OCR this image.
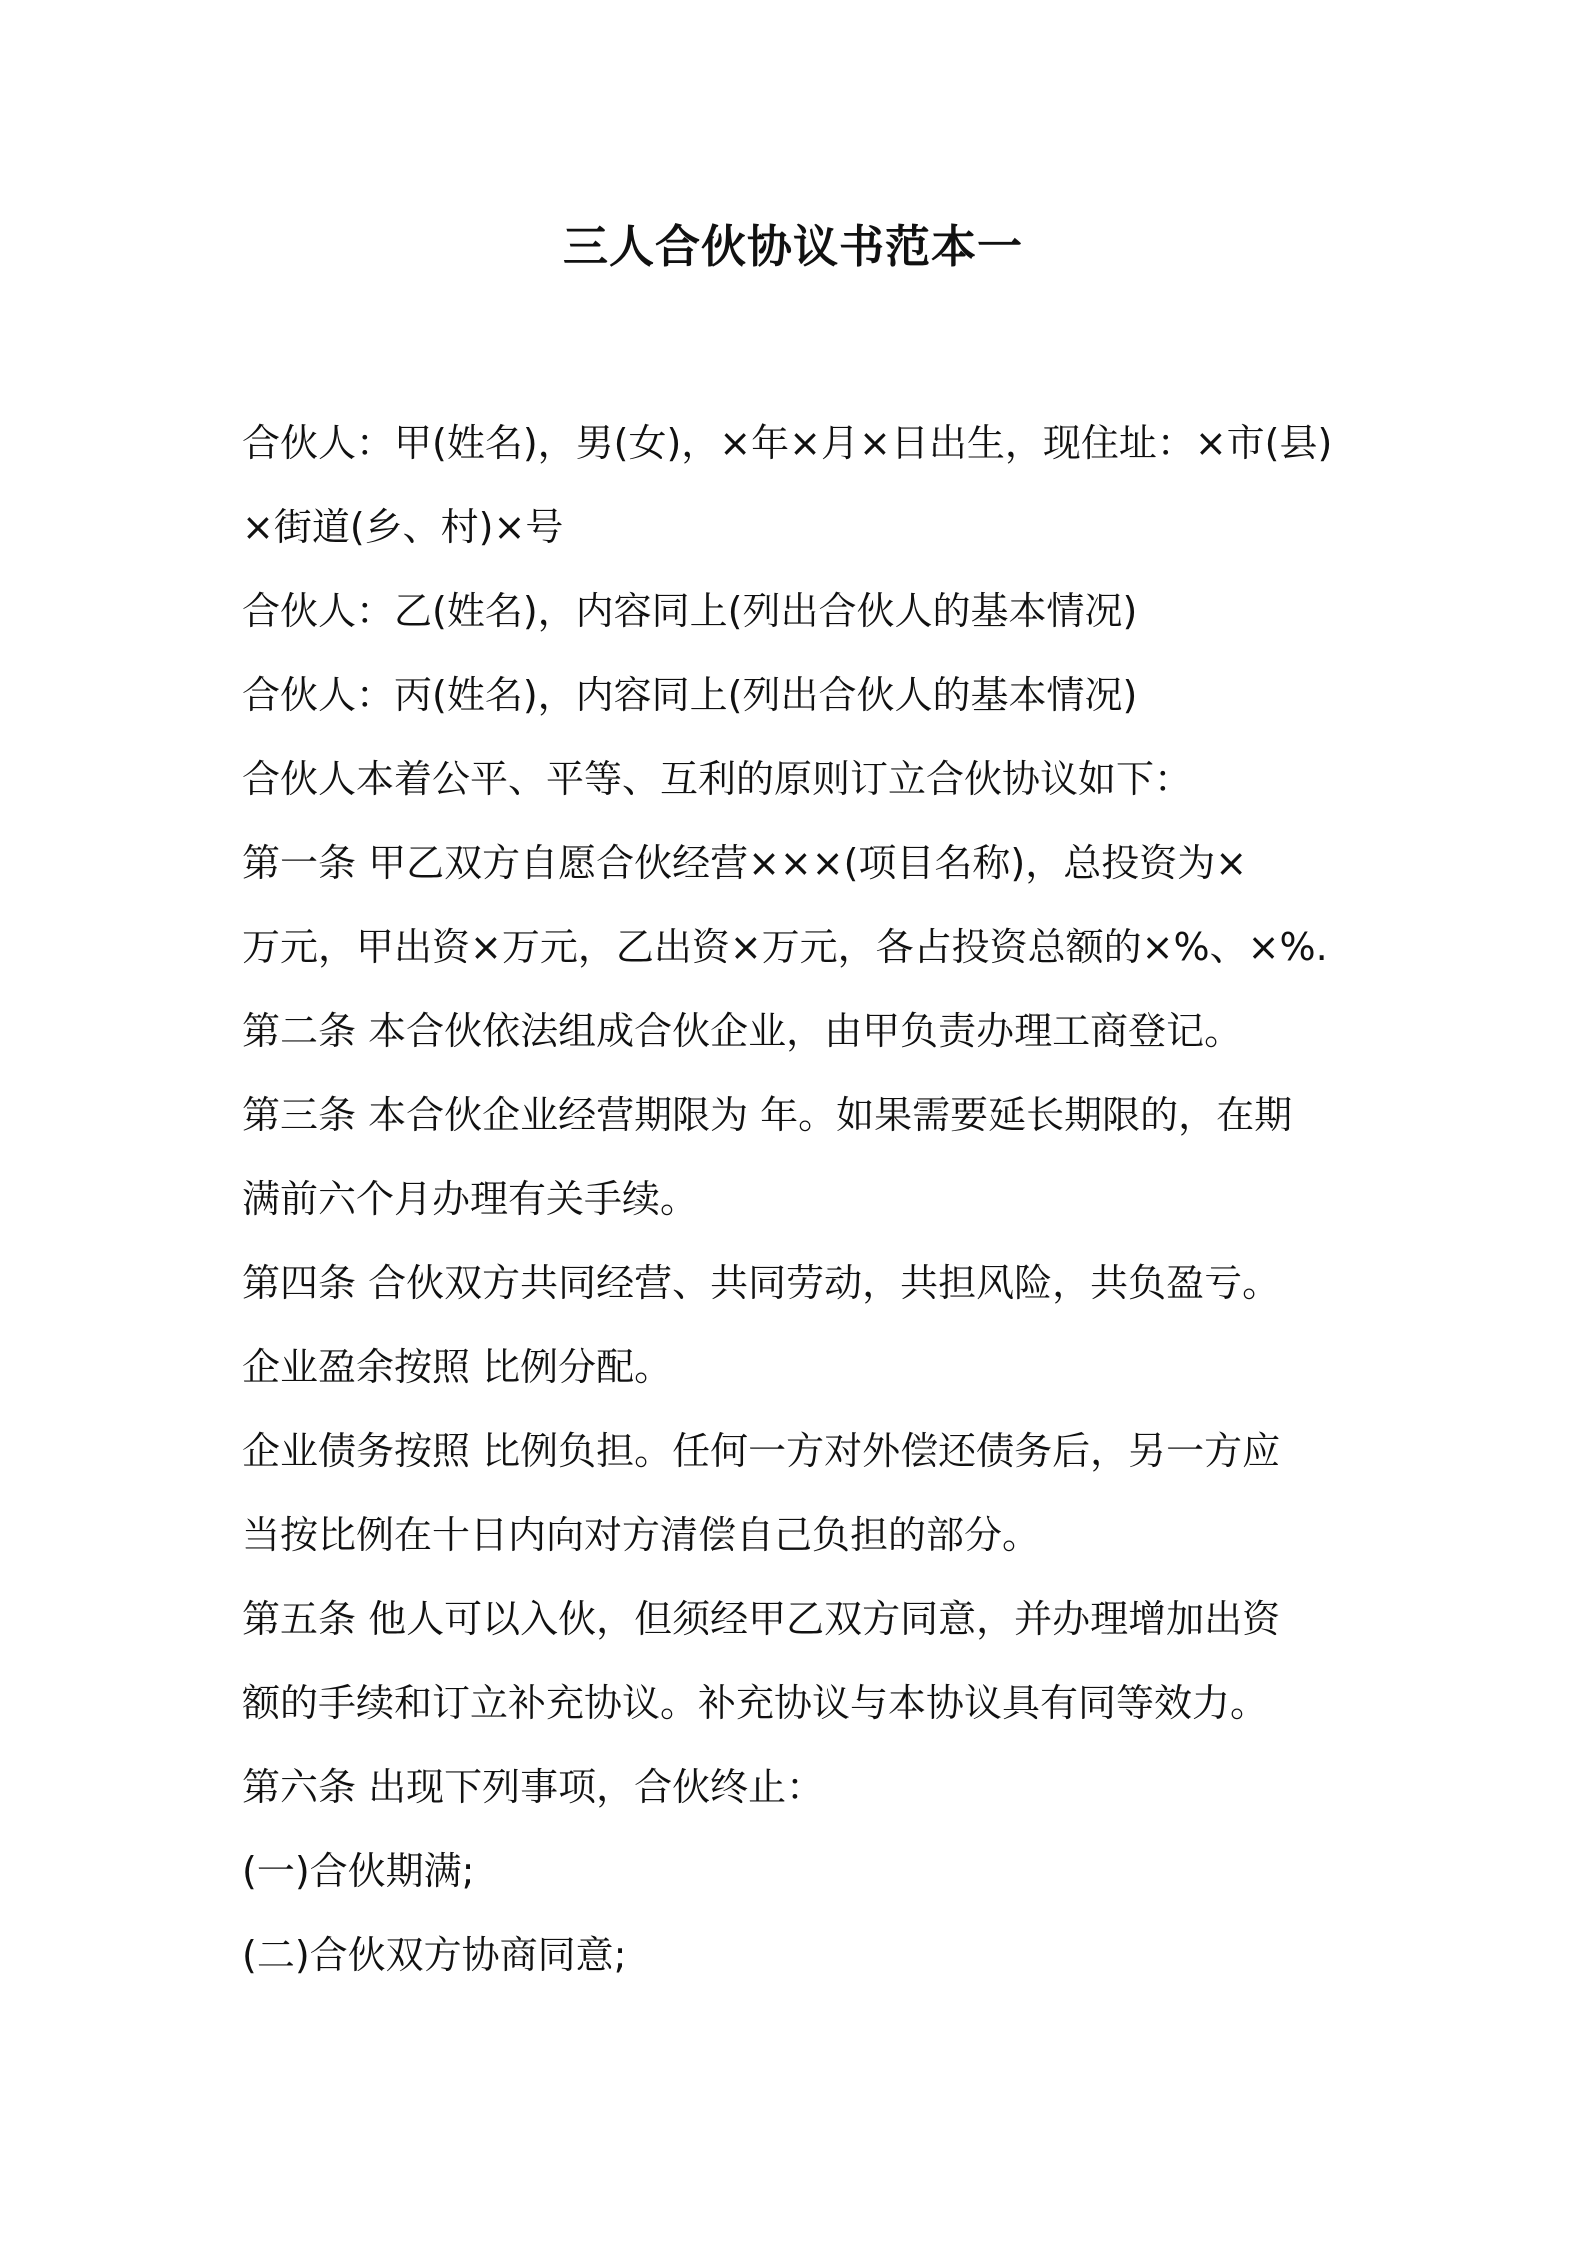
三人合伙协议书范本一

合伙人：甲(姓名)，男(女)，×年×月×日出生，现住址：×市(县)

×街道(乡、村)×号

合伙人：乙(姓名)，内容同上(列出合伙人的基本情况)

合伙人：丙(姓名)，内容同上(列出合伙人的基本情况)

合伙人本着公平、平等、互利的原则订立合伙协议如下：

第一条 甲乙双方自愿合伙经营×××(项目名称)，总投资为×

万元，甲出资×万元，乙出资×万元，各占投资总额的×%、×%.

第二条 本合伙依法组成合伙企业，由甲负责办理工商登记。

第三条 本合伙企业经营期限为 年。如果需要延长期限的，在期

满前六个月办理有关手续。

第四条 合伙双方共同经营、共同劳动，共担风险，共负盈亏。

企业盈余按照 比例分配。

企业债务按照 比例负担。任何一方对外偿还债务后，另一方应

当按比例在十日内向对方清偿自己负担的部分。

第五条 他人可以入伙，但须经甲乙双方同意，并办理增加出资

额的手续和订立补充协议。补充协议与本协议具有同等效力。

第六条 出现下列事项，合伙终止：

(一)合伙期满;

(二)合伙双方协商同意;
